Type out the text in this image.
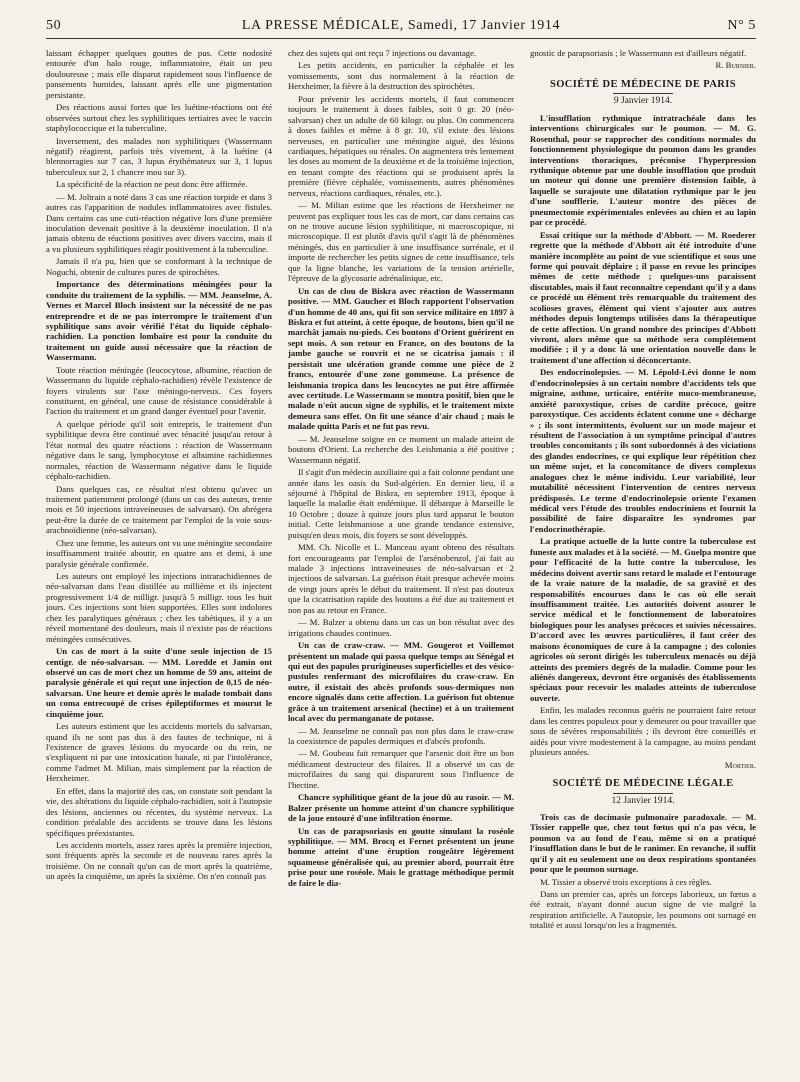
50	LA PRESSE MÉDICALE, Samedi, 17 Janvier 1914	N° 5

laissant échapper quelques gouttes de pus. Cette nodosité entourée d'un halo rouge, inflammatoire, était un peu douloureuse ; mais elle disparut rapidement sous l'influence de pansements humides, laissant après elle une pigmentation persistante.

Des réactions aussi fortes que les luétine-réactions ont été observées surtout chez les syphilitiques tertiaires avec le vaccin staphylococcique et la tuberculine.

Inversement, des malades non syphilitiques (Wassermann négatif) réagirent, parfois très vivement, à la luétine (4 blennorragies sur 7 cas, 3 lupus érythémateux sur 3, 1 lupus tuberculeux sur 2, 1 chancre mou sur 3).

La spécificité de la réaction ne peut donc être affirmée.

— M. Joltrain a noté dans 3 cas une réaction torpide et dans 3 autres cas l'apparition de nodules inflammatoires avec fistules. Dans certains cas une cuti-réaction négative lors d'une première inoculation devenait positive à la deuxième inoculation. Il n'a jamais obtenu de réactions positives avec divers vaccins, mais il a vu plusieurs syphilitiques réagir positivement à la tuberculine.

Jamais il n'a pu, bien que se conformant à la technique de Noguchi, obtenir de cultures pures de spirochètes.

Importance des déterminations méningées pour la conduite du traitement de la syphilis. — MM. Jeanselme, A. Vernes et Marcel Bloch insistent sur la nécessité de ne pas entreprendre et de ne pas interrompre le traitement d'un syphilitique sans avoir vérifié l'état du liquide céphalo-rachidien. La ponction lombaire est pour la conduite du traitement un guide aussi nécessaire que la réaction de Wassermann.

Toute réaction méningée (leucocytose, albumine, réaction de Wassermann du liquide céphalo-rachidien) révèle l'existence de foyers virulents sur l'axe méningo-nerveux. Ces foyers constituent, en général, une cause de résistance considérable à l'action du traitement et un grand danger éventuel pour l'avenir.

A quelque période qu'il soit entrepris, le traitement d'un syphilitique devra être continué avec ténacité jusqu'au retour à l'état normal des quatre réactions : réaction de Wassermann négative dans le sang, lymphocytose et albumine rachidiennes normales, réaction de Wassermann négative dans le liquide céphalo-rachidien.

Dans quelques cas, ce résultat n'est obtenu qu'avec un traitement patiemment prolongé (dans un cas des auteurs, trente mois et 50 injections intraveineuses de salvarsan). On abrégera peut-être la durée de ce traitement par l'emploi de la voie sous-arachnoïdienne (néo-salvarsan).

Chez une femme, les auteurs ont vu une méningite secondaire insuffisamment traitée aboutir, en quatre ans et demi, à une paralysie générale confirmée.

Les auteurs ont employé les injections intrarachidiennes de néo-salvarsan dans l'eau distillée au millième et ils injectent progressivement 1/4 de milligr. jusqu'à 5 milligr. tous les huit jours. Ces injections sont bien supportées. Elles sont indolores chez les paralytiques généraux ; chez les tabétiques, il y a un réveil momentané des douleurs, mais il n'existe pas de réactions méningées consécutives.

Un cas de mort à la suite d'une seule injection de 15 centigr. de néo-salvarsan. — MM. Loredde et Jamin ont observé un cas de mort chez un homme de 59 ans, atteint de paralysie générale et qui reçut une injection de 0,15 de néo-salvarsan. Une heure et demie après le malade tombait dans un coma entrecoupé de crises épileptiformes et mourut le cinquième jour.

Les auteurs estiment que les accidents mortels du salvarsan, quand ils ne sont pas dus à des fautes de technique, ni à l'existence de graves lésions du myocarde ou du rein, ne s'expliquent ni par une intoxication banale, ni par l'intolérance, comme l'admet M. Milian, mais simplement par la réaction de Herxheimer.

En effet, dans la majorité des cas, on constate soit pendant la vie, des altérations du liquide céphalo-rachidien, soit à l'autopsie des lésions, anciennes ou récentes, du système nerveux. La condition préalable des accidents se trouve dans les lésions spécifiques préexistantes.

Les accidents mortels, assez rares après la première injection, sont fréquents après la seconde et de nouveau rares après la troisième. On ne connaît qu'un cas de mort après la quatrième, un après la cinquième, un après la sixième. On n'en connaît pas

chez des sujets qui ont reçu 7 injections ou davantage.

Les petits accidents, en particulier la céphalée et les vomissements, sont dus normalement à la réaction de Herxheimer, la fièvre à la destruction des spirochètes.

Pour prévenir les accidents mortels, il faut commencer toujours le traitement à doses faibles, soit 0 gr. 20 (néo-salvarsan) chez un adulte de 60 kilogr. ou plus. On commencera à doses faibles et même à 8 gr. 10, s'il existe des lésions nerveuses, en particulier une méningite aiguë, des lésions cardiaques, hépatiques ou rénales. On augmentera très lentement les doses au moment de la deuxième et de la troisième injection, en tenant compte des réactions qui se produisent après la première (fièvre céphalée, vomissements, autres phénomènes nerveux, réactions cardiaques, rénales, etc.).

— M. Milian estime que les réactions de Herxheimer ne peuvent pas expliquer tous les cas de mort, car dans certains cas on ne trouve aucune lésion syphilitique, ni macroscopique, ni microscopique. Il est plutôt d'avis qu'il s'agit là de phénomènes méningés, dus en particulier à une insuffisance surrénale, et il importe de rechercher les petits signes de cette insuffisance, tels que la ligne blanche, les variations de la tension artérielle, l'épreuve de la glycosurie adrénalinique, etc.

Un cas de clou de Biskra avec réaction de Wassermann positive. — MM. Gaucher et Bloch rapportent l'observation d'un homme de 40 ans, qui fit son service militaire en 1897 à Biskra et fut atteint, à cette époque, de boutons, bien qu'il ne marchât jamais nu-pieds. Ces boutons d'Orient guérirent en sept mois. A son retour en France, on des boutons de la jambe gauche se rouvrit et ne se cicatrisa jamais : il persistait une ulcération grande comme une pièce de 2 francs, entourée d'une zone gommeuse. La présence de leishmania tropica dans les leucocytes ne put être affirmée avec certitude. Le Wassermann se montra positif, bien que le malade n'eût aucun signe de syphilis, et le traitement mixte demeura sans effet. On fit une séance d'air chaud ; mais le malade quitta Paris et ne fut pas revu.

— M. Jeanselme soigne en ce moment un malade atteint de boutons d'Orient. La recherche des Leishmania a été positive ; Wassermann négatif.

Il s'agit d'un médecin auxiliaire qui a fait colonne pendant une année dans les oasis du Sud-algérien. En dernier lieu, il a séjourné à l'hôpital de Biskra, en septembre 1913, époque à laquelle la maladie était endémique. Il débarque à Marseille le 10 Octobre ; douze à quinze jours plus tard apparut le bouton initial. Cette leishmaniose a une grande tendance extensive, puisqu'en deux mois, dix foyers se sont développés.

MM. Ch. Nicolle et L. Manceau ayant obtenu des résultats fort encourageants par l'emploi de l'arsénobenzol, j'ai fait au malade 3 injections intraveineuses de néo-salvarsan et 2 injections de salvarsan. La guérison était presque achevée moins de vingt jours après le début du traitement. Il n'est pas douteux que la cicatrisation rapide des boutons a été due au traitement et non pas au retour en France.

— M. Balzer a obtenu dans un cas un bon résultat avec des irrigations chaudes continues.

Un cas de craw-craw. — MM. Gougerot et Voillemot présentent un malade qui passa quelque temps au Sénégal et qui eut des papules prurigineuses superficielles et des vésico-pustules renfermant des microfilaires du craw-craw. En outre, il existait des abcès profonds sous-dermiques non encore signalés dans cette affection. La guérison fut obtenue grâce à un traitement arsenical (hectine) et à un traitement local avec du permanganate de potasse.

— M. Jeanselme ne connaît pas non plus dans le craw-craw la coexistence de papules dermiques et d'abcès profonds.

— M. Goubeau fait remarquer que l'arsenic doit être un bon médicament destructeur des filaires. Il a observé un cas de microfilaires du sang qui disparurent sous l'influence de l'hectine.

Chancre syphilitique géant de la joue dû au rasoir. — M. Balzer présente un homme atteint d'un chancre syphilitique de la joue entouré d'une infiltration énorme.

Un cas de parapsoriasis en goutte simulant la roséole syphilitique. — MM. Brocq et Fernet présentent un jeune homme atteint d'une éruption rougeâtre légèrement squameuse généralisée qui, au premier abord, pourrait être prise pour une roséole. Mais le grattage méthodique permit de faire le dia-

gnostic de parapsoriasis ; le Wassermann est d'ailleurs négatif.

R. Burnier.

SOCIÉTÉ DE MÉDECINE DE PARIS
9 Janvier 1914.

L'insufflation rythmique intratrachéale dans les interventions chirurgicales sur le poumon. — M. G. Rosenthal, pour se rapprocher des conditions normales du fonctionnement physiologique du poumon dans les grandes interventions thoraciques, préconise l'hyperpression rythmique obtenue par une double insufflation que produit un moteur qui donne une première distension faible, à laquelle se surajoute une dilatation rythmique par le jeu d'une soufflerie. L'auteur montre des pièces de pneumectomie expérimentales enlevées au chien et au lapin par ce procédé.

Essai critique sur la méthode d'Abbott. — M. Roederer regrette que la méthode d'Abbott ait été introduite d'une manière incomplète au point de vue scientifique et sous une forme qui pouvait déplaire ; il passe en revue les principes mêmes de cette méthode ; quelques-uns paraissent discutables, mais il faut reconnaître cependant qu'il y a dans ce procédé un élément très remarquable du traitement des scolioses graves, élément qui vient s'ajouter aux autres méthodes depuis longtemps utilisées dans la thérapeutique de cette affection. Un grand nombre des principes d'Abbott vivront, alors même que sa méthode sera complètement modifiée ; il y a donc là une orientation nouvelle dans le traitement d'une affection si déconcertante.

Des endocrinolepsies. — M. Lépold-Lévi donne le nom d'endocrinolepsies à un certain nombre d'accidents tels que migraine, asthme, urticaire, entérite muco-membraneuse, anxiété paroxystique, crises de cardite précoce, goitre paroxystique. Ces accidents éclatent comme une « décharge » ; ils sont intermittents, évoluent sur un mode majeur et résultent de l'association à un symptôme principal d'autres troubles concomitants ; ils sont subordonnés à des viciations des glandes endocrines, ce qui explique leur répétition chez un même sujet, et la concomitance de divers complexus analogues chez le même individu. Leur variabilité, leur mutabilité nécessitent l'intervention de centres nerveux prédisposés. Le terme d'endocrinolepsie oriente l'examen médical vers l'étude des troubles endocriniens et fournit la possibilité de faire disparaître les syndromes par l'endocrinothérapie.

La pratique actuelle de la lutte contre la tuberculose est funeste aux malades et à la société. — M. Guelpa montre que pour l'efficacité de la lutte contre la tuberculose, les médecins doivent avertir sans retard le malade et l'entourage de la vraie nature de la maladie, de sa gravité et des responsabilités encourues dans le cas où elle serait insuffisamment traitée. Les autorités doivent assurer le service médical et le fonctionnement de laboratoires biologiques pour les analyses précoces et suivies nécessaires. D'accord avec les œuvres particulières, il faut créer des maisons économiques de cure à la campagne ; des colonies agricoles où seront dirigés les tuberculeux menacés ou déjà atteints des premiers degrés de la maladie. Comme pour les aliénés dangereux, devront être organisés des établissements spéciaux pour recevoir les malades atteints de tuberculose ouverte.

Enfin, les malades reconnus guéris ne pourraient faire retour dans les centres populeux pour y demeurer ou pour travailler que sous de sévères responsabilités ; ils devront être conseillés et aidés pour vivre modestement à la campagne, au moins pendant plusieurs années.

Mortier.

SOCIÉTÉ DE MÉDECINE LÉGALE
12 Janvier 1914.

Trois cas de docimasie pulmonaire paradoxale. — M. Tissier rappelle que, chez tout fœtus qui n'a pas vécu, le poumon va au fond de l'eau, même si on a pratiqué l'insufflation dans le but de le ranimer. En revanche, il suffit qu'il y ait eu seulement une ou deux respirations spontanées pour que le poumon surnage.

M. Tissier a observé trois exceptions à ces règles.

Dans un premier cas, après un forceps laborieux, un fœtus a été extrait, n'ayant donné aucun signe de vie malgré la respiration artificielle. A l'autopsie, les poumons ont surnagé en totalité et aussi lorsqu'on les a fragmentés.
